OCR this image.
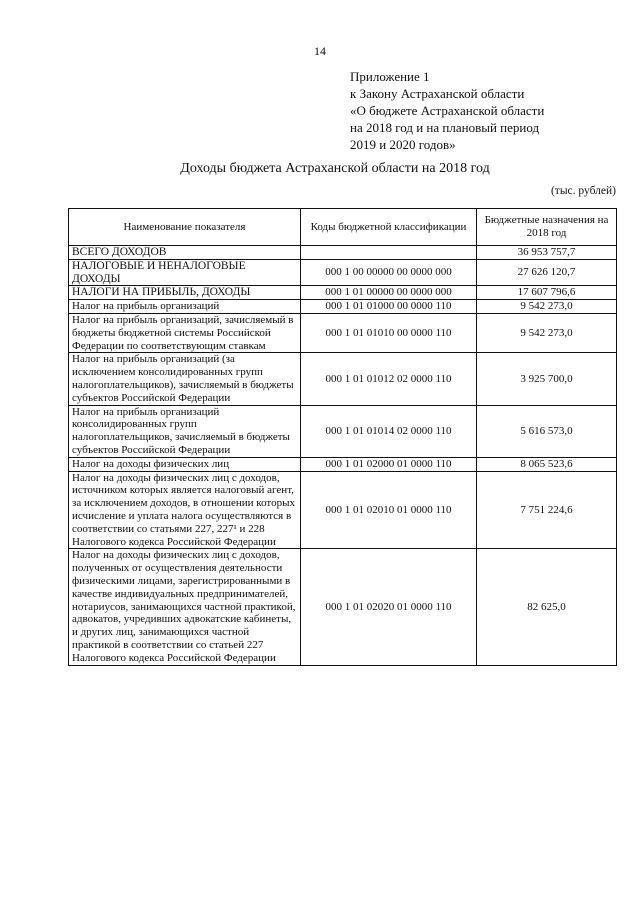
14
Приложение 1
к Закону Астраханской области
«О бюджете Астраханской области
на 2018 год и на плановый период
2019 и 2020 годов»
Доходы бюджета Астраханской области на 2018 год
(тыс. рублей)
Наименование показателя	Коды бюджетной классификации	Бюджетные назначения на 2018 год
ВСЕГО ДОХОДОВ		36 953 757,7
НАЛОГОВЫЕ И НЕНАЛОГОВЫЕ ДОХОДЫ	000 1 00 00000 00 0000 000	27 626 120,7
НАЛОГИ НА ПРИБЫЛЬ, ДОХОДЫ	000 1 01 00000 00 0000 000	17 607 796,6
Налог на прибыль организаций	000 1 01 01000 00 0000 110	9 542 273,0
Налог на прибыль организаций, зачисляемый в бюджеты бюджетной системы Российской Федерации по соответствующим ставкам	000 1 01 01010 00 0000 110	9 542 273,0
Налог на прибыль организаций (за исключением консолидированных групп налогоплательщиков), зачисляемый в бюджеты субъектов Российской Федерации	000 1 01 01012 02 0000 110	3 925 700,0
Налог на прибыль организаций консолидированных групп налогоплательщиков, зачисляемый в бюджеты субъектов Российской Федерации	000 1 01 01014 02 0000 110	5 616 573,0
Налог на доходы физических лиц	000 1 01 02000 01 0000 110	8 065 523,6
Налог на доходы физических лиц с доходов, источником которых является налоговый агент, за исключением доходов, в отношении которых исчисление и уплата налога осуществляются в соответствии со статьями 227, 227¹ и 228 Налогового кодекса Российской Федерации	000 1 01 02010 01 0000 110	7 751 224,6
Налог на доходы физических лиц с доходов, полученных от осуществления деятельности физическими лицами, зарегистрированными в качестве индивидуальных предпринимателей, нотариусов, занимающихся частной практикой, адвокатов, учредивших адвокатские кабинеты, и других лиц, занимающихся частной практикой в соответствии со статьей 227 Налогового кодекса Российской Федерации	000 1 01 02020 01 0000 110	82 625,0
